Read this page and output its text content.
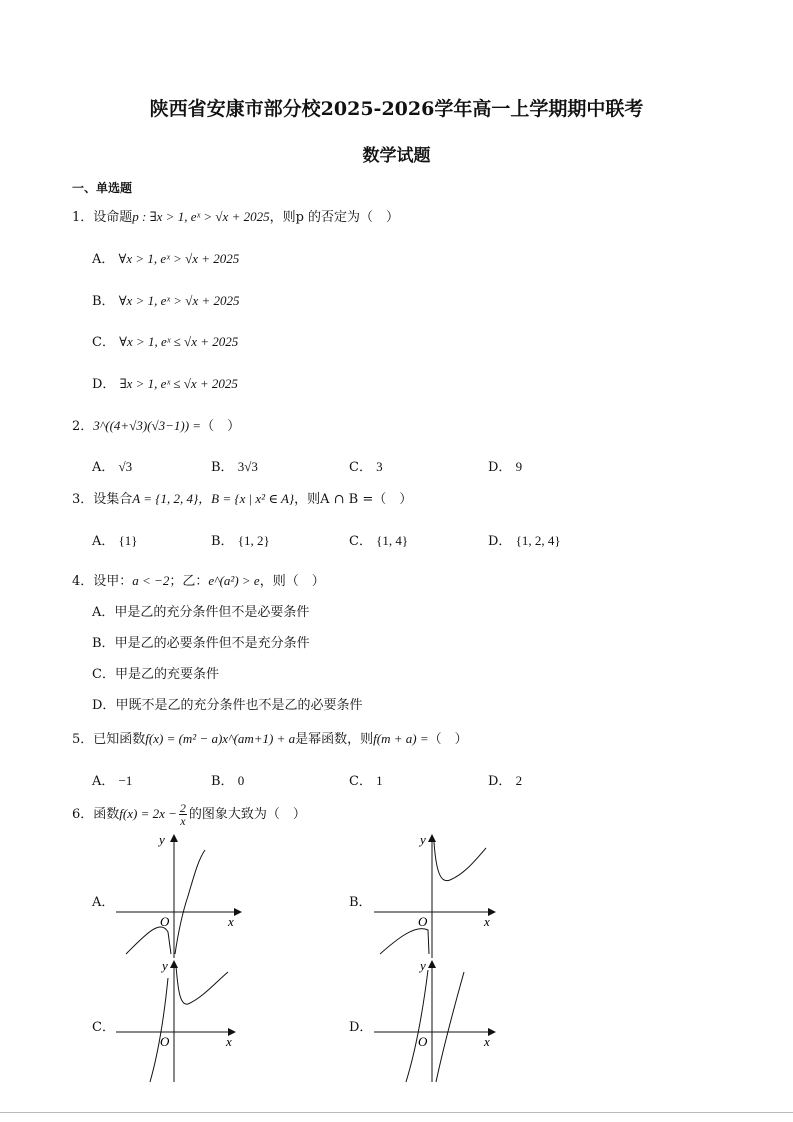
陕西省安康市部分校2025-2026学年高一上学期期中联考
数学试题
一、单选题
1．设命题p : ∃x > 1, eˣ > √x + 2025，则p 的否定为（　）
A． ∀x > 1, eˣ > √x + 2025
B． ∀x > 1, eˣ > √x + 2025
C． ∀x > 1, eˣ ≤ √x + 2025
D． ∃x > 1, eˣ ≤ √x + 2025
2．3^((4+√3)(√3−1)) =（　）
A． √3	B． 3√3	C． 3	D． 9
3．设集合A = {1, 2, 4}，B = {x | x² ∈ A}，则A ∩ B =（　）
A． {1}	B． {1, 2}	C． {1, 4}	D． {1, 2, 4}
4．设甲：a < −2；乙：e^(a²) > e，则（　）
A．甲是乙的充分条件但不是必要条件
B．甲是乙的必要条件但不是充分条件
C．甲是乙的充要条件
D．甲既不是乙的充分条件也不是乙的必要条件
5．已知函数f(x) = (m² − a)x^(am+1) + a是幂函数，则f(m + a) =（　）
A． −1	B． 0	C． 1	D． 2
6．函数$f(x) = 2x - \frac{2}{x}$ 的图象大致为（　）
A．	B．
C．	D．
y
x
O
y
x
O
y
x
O
y
x
O
